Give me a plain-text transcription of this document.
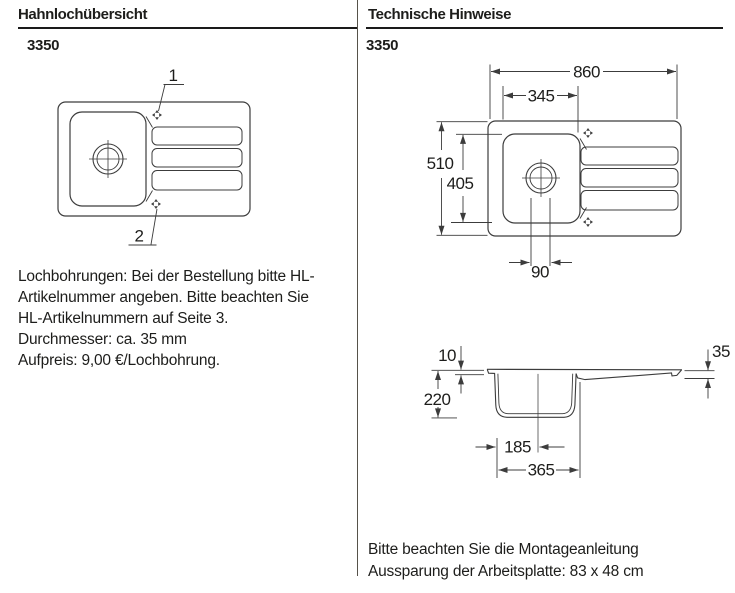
Hahnlochübersicht
3350
Technische Hinweise
3350
1
2
Lochbohrungen: Bei der Bestellung bitte HL-
Artikelnummer angeben. Bitte beachten Sie
HL-Artikelnummern auf Seite 3.
Durchmesser: ca. 35 mm
Aufpreis: 9,00 €/Lochbohrung.
860
345
510
405
90
10	35
220
185
365
Bitte beachten Sie die Montageanleitung
Aussparung der Arbeitsplatte: 83 x 48 cm
